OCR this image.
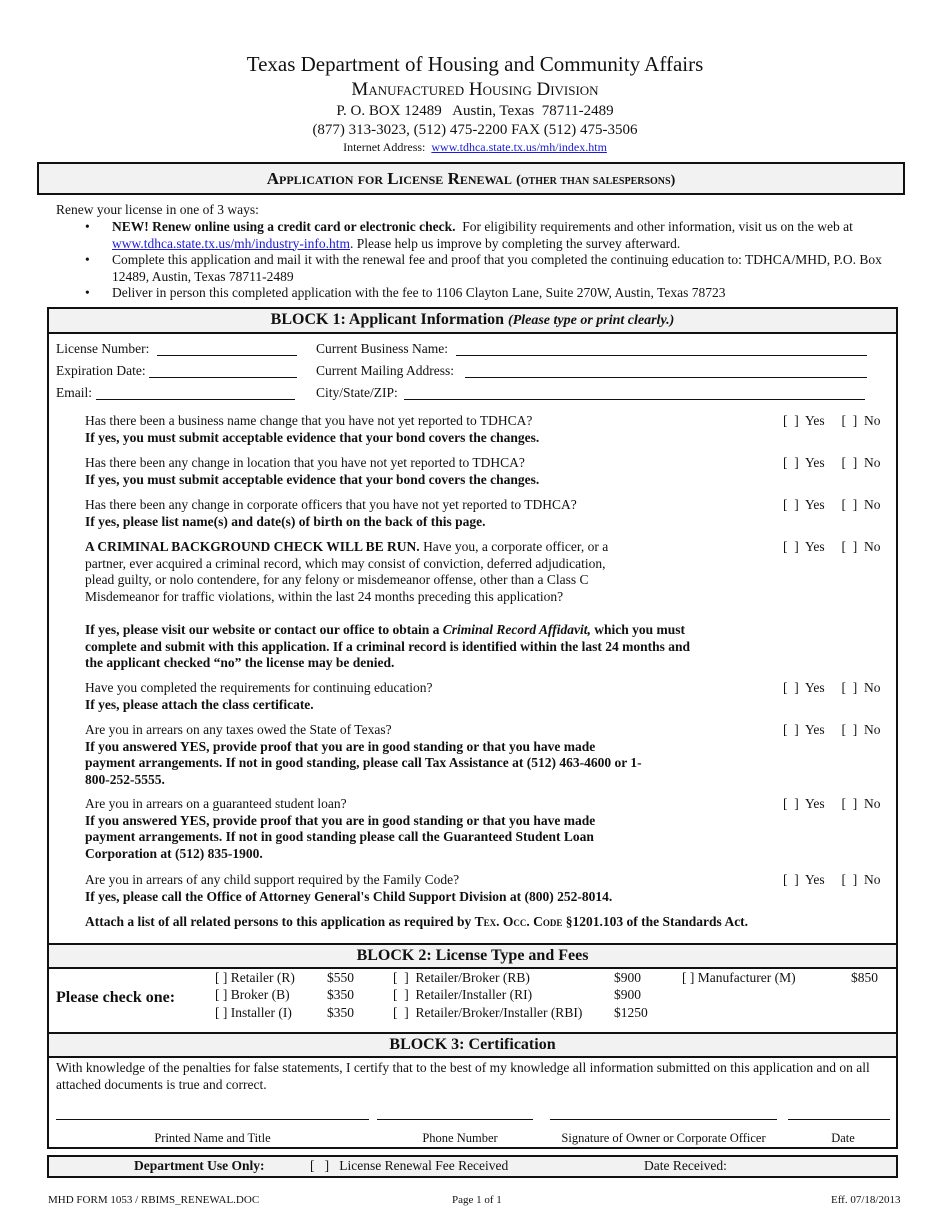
Texas Department of Housing and Community Affairs
Manufactured Housing Division
P. O. BOX 12489   Austin, Texas  78711-2489
(877) 313-3023, (512) 475-2200 FAX (512) 475-3506
Internet Address: www.tdhca.state.tx.us/mh/index.htm
Application for License Renewal (other than salespersons)
Renew your license in one of 3 ways:
• NEW! Renew online using a credit card or electronic check.  For eligibility requirements and other information, visit us on the web at
www.tdhca.state.tx.us/mh/industry-info.htm. Please help us improve by completing the survey afterward.
• Complete this application and mail it with the renewal fee and proof that you completed the continuing education to: TDHCA/MHD, P.O. Box 12489, Austin, Texas 78711-2489
• Deliver in person this completed application with the fee to 1106 Clayton Lane, Suite 270W, Austin, Texas 78723
BLOCK 1: Applicant Information (Please type or print clearly.)
License Number:	Current Business Name:
Expiration Date:	Current Mailing Address:
Email:	City/State/ZIP:
Has there been a business name change that you have not yet reported to TDHCA?
If yes, you must submit acceptable evidence that your bond covers the changes.
[  ]  Yes [  ]  No
Has there been any change in location that you have not yet reported to TDHCA?
If yes, you must submit acceptable evidence that your bond covers the changes.
[  ]  Yes [  ]  No
Has there been any change in corporate officers that you have not yet reported to TDHCA?
If yes, please list name(s) and date(s) of birth on the back of this page.
[  ]  Yes [  ]  No
A CRIMINAL BACKGROUND CHECK WILL BE RUN. Have you, a corporate officer, or a partner, ever acquired a criminal record, which may consist of conviction, deferred adjudication, plead guilty, or nolo contendere, for any felony or misdemeanor offense, other than a Class C Misdemeanor for traffic violations, within the last 24 months preceding this application?
If yes, please visit our website or contact our office to obtain a Criminal Record Affidavit, which you must complete and submit with this application. If a criminal record is identified within the last 24 months and the applicant checked “no” the license may be denied.
[  ]  Yes [  ]  No
Have you completed the requirements for continuing education?
If yes, please attach the class certificate.
[  ]  Yes [  ]  No
Are you in arrears on any taxes owed the State of Texas?
If you answered YES, provide proof that you are in good standing or that you have made payment arrangements. If not in good standing, please call Tax Assistance at (512) 463-4600 or 1-800-252-5555.
[  ]  Yes [  ]  No
Are you in arrears on a guaranteed student loan?
If you answered YES, provide proof that you are in good standing or that you have made payment arrangements. If not in good standing please call the Guaranteed Student Loan Corporation at (512) 835-1900.
[  ]  Yes [  ]  No
Are you in arrears of any child support required by the Family Code?
If yes, please call the Office of Attorney General's Child Support Division at (800) 252-8014.
[  ]  Yes [  ]  No
Attach a list of all related persons to this application as required by Tex. Occ. Code §1201.103 of the Standards Act.
BLOCK 2: License Type and Fees
Please check one:
[ ] Retailer (R) $550
[ ] Broker (B)	$350
[ ] Installer (I)	$350
[  ]  Retailer/Broker (RB)	$900
[  ]  Retailer/Installer (RI)	$900
[  ]  Retailer/Broker/Installer (RBI) $1250
[ ] Manufacturer (M)	$850
BLOCK 3: Certification
With knowledge of the penalties for false statements, I certify that to the best of my knowledge all information submitted on this application and on all attached documents is true and correct.
Printed Name and Title	Phone Number	Signature of Owner or Corporate Officer	Date
Department Use Only:	[   ]   License Renewal Fee Received	Date Received:
MHD FORM 1053 / RBIMS_RENEWAL.DOC	Page 1 of 1	Eff. 07/18/2013
